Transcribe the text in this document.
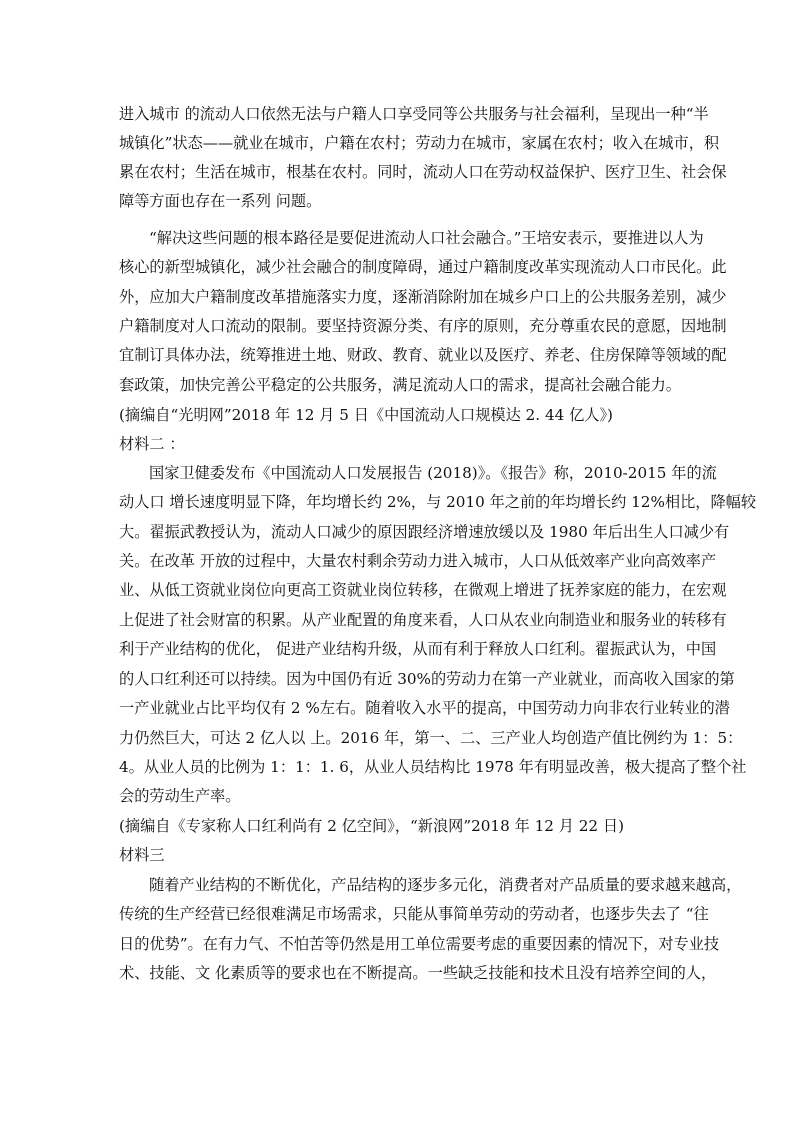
进入城市 的流动人口依然无法与户籍人口享受同等公共服务与社会福利，呈现出一种“半
城镇化”状态——就业在城市，户籍在农村；劳动力在城市，家属在农村；收入在城市，积
累在农村；生活在城市，根基在农村。同时，流动人口在劳动权益保护、医疗卫生、社会保
障等方面也存在一系列 问题。
“解决这些问题的根本路径是要促进流动人口社会融合。”王培安表示，要推进以人为
核心的新型城镇化，减少社会融合的制度障碍，通过户籍制度改革实现流动人口市民化。此
外，应加大户籍制度改革措施落实力度，逐渐消除附加在城乡户口上的公共服务差别，减少
户籍制度对人口流动的限制。要坚持资源分类、有序的原则，充分尊重农民的意愿，因地制
宜制订具体办法，统筹推进土地、财政、教育、就业以及医疗、养老、住房保障等领域的配
套政策，加快完善公平稳定的公共服务，满足流动人口的需求，提高社会融合能力。
(摘编自“光明网”2018 年 12 月 5 日《中国流动人口规模达 2. 44 亿人》)
材料二 ：
国家卫健委发布《中国流动人口发展报告 (2018)》。《报告》称，2010-2015 年的流
动人口 增长速度明显下降，年均增长约 2%，与 2010 年之前的年均增长约 12%相比，降幅较
大。翟振武教授认为，流动人口减少的原因跟经济增速放缓以及 1980 年后出生人口减少有
关。在改革 开放的过程中，大量农村剩余劳动力进入城市，人口从低效率产业向高效率产
业、从低工资就业岗位向更高工资就业岗位转移，在微观上增进了抚养家庭的能力，在宏观
上促进了社会财富的积累。从产业配置的角度来看，人口从农业向制造业和服务业的转移有
利于产业结构的优化， 促进产业结构升级，从而有利于释放人口红利。翟振武认为，中国
的人口红利还可以持续。因为中国仍有近 30%的劳动力在第一产业就业，而高收入国家的第
一产业就业占比平均仅有 2 %左右。随着收入水平的提高，中国劳动力向非农行业转业的潜
力仍然巨大，可达 2 亿人以 上。2016 年，第一、二、三产业人均创造产值比例约为 1：5：
4。从业人员的比例为 1：1：1. 6，从业人员结构比 1978 年有明显改善，极大提高了整个社
会的劳动生产率。
(摘编自《专家称人口红利尚有 2 亿空间》，“新浪网”2018 年 12 月 22 日)
材料三
随着产业结构的不断优化，产品结构的逐步多元化，消费者对产品质量的要求越来越高，
传统的生产经营已经很难满足市场需求，只能从事简单劳动的劳动者，也逐步失去了 “往
日的优势”。在有力气、不怕苦等仍然是用工单位需要考虑的重要因素的情况下，对专业技
术、技能、文 化素质等的要求也在不断提高。一些缺乏技能和技术且没有培养空间的人，
